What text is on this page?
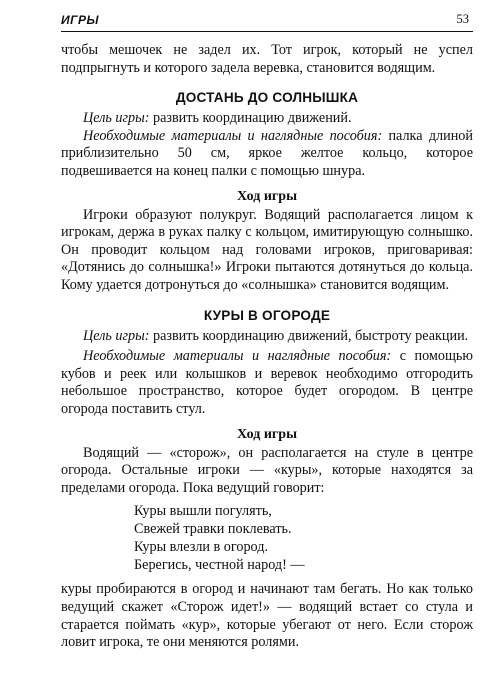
ИГРЫ	53

чтобы мешочек не задел их. Тот игрок, который не успел подпрыгнуть и которого задела веревка, становится водящим.

ДОСТАНЬ ДО СОЛНЫШКА

Цель игры: развить координацию движений.

Необходимые материалы и наглядные пособия: палка длиной приблизительно 50 см, яркое желтое кольцо, которое подвешивается на конец палки с помощью шнура.

Ход игры

Игроки образуют полукруг. Водящий располагается лицом к игрокам, держа в руках палку с кольцом, имитирующую солнышко. Он проводит кольцом над головами игроков, приговаривая: «Дотянись до солнышка!» Игроки пытаются дотянуться до кольца. Кому удается дотронуться до «солнышка» становится водящим.

КУРЫ В ОГОРОДЕ

Цель игры: развить координацию движений, быстроту реакции.

Необходимые материалы и наглядные пособия: с помощью кубов и реек или колышков и веревок необходимо отгородить небольшое пространство, которое будет огородом. В центре огорода поставить стул.

Ход игры

Водящий — «сторож», он располагается на стуле в центре огорода. Остальные игроки — «куры», которые находятся за пределами огорода. Пока ведущий говорит:

Куры вышли погулять,
Свежей травки поклевать.
Куры влезли в огород.
Берегись, честной народ! —

куры пробираются в огород и начинают там бегать. Но как только ведущий скажет «Сторож идет!» — водящий встает со стула и старается поймать «кур», которые убегают от него. Если сторож ловит игрока, те они меняются ролями.
